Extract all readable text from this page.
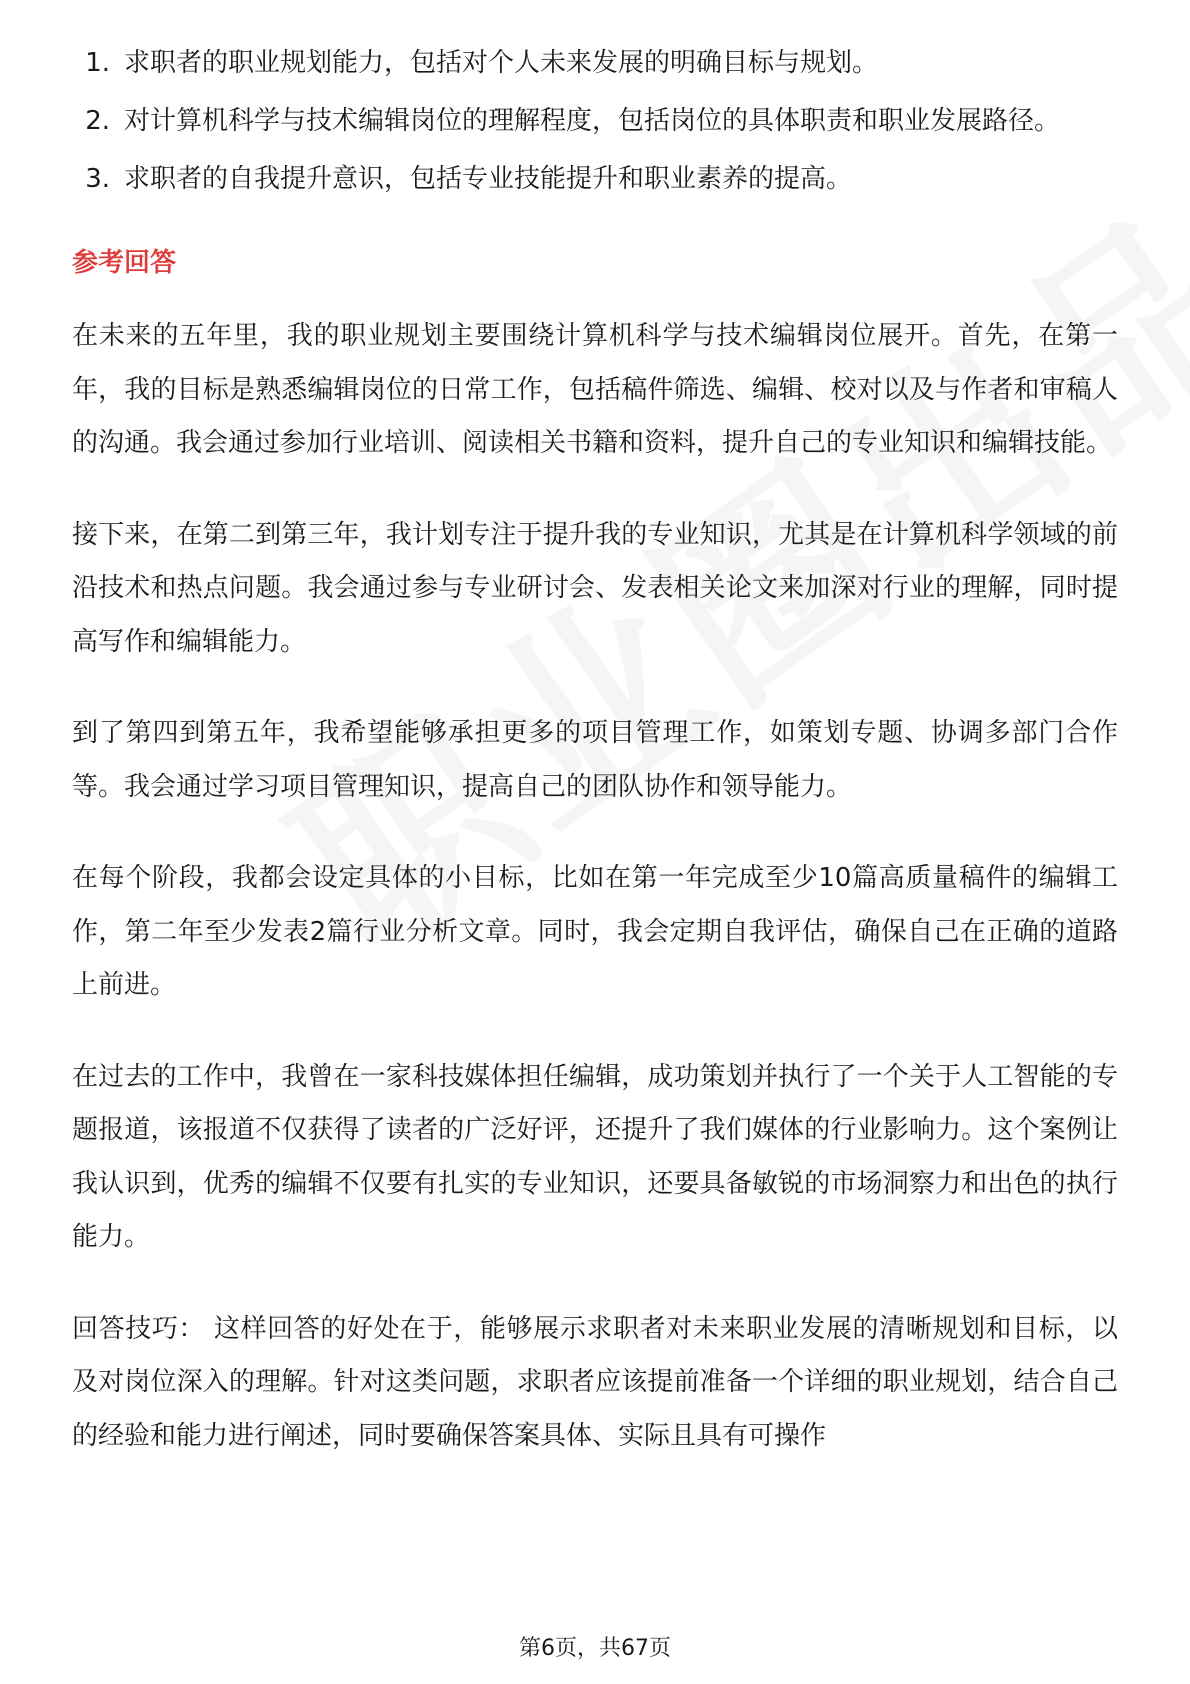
1. 求职者的职业规划能力，包括对个人未来发展的明确目标与规划。
2. 对计算机科学与技术编辑岗位的理解程度，包括岗位的具体职责和职业发展路径。
3. 求职者的自我提升意识，包括专业技能提升和职业素养的提高。
参考回答

在未来的五年里，我的职业规划主要围绕计算机科学与技术编辑岗位展开。首先，在第一年，我的目标是熟悉编辑岗位的日常工作，包括稿件筛选、编辑、校对以及与作者和审稿人的沟通。我会通过参加行业培训、阅读相关书籍和资料，提升自己的专业知识和编辑技能。

接下来，在第二到第三年，我计划专注于提升我的专业知识，尤其是在计算机科学领域的前沿技术和热点问题。我会通过参与专业研讨会、发表相关论文来加深对行业的理解，同时提高写作和编辑能力。

到了第四到第五年，我希望能够承担更多的项目管理工作，如策划专题、协调多部门合作等。我会通过学习项目管理知识，提高自己的团队协作和领导能力。

在每个阶段，我都会设定具体的小目标，比如在第一年完成至少10篇高质量稿件的编辑工作，第二年至少发表2篇行业分析文章。同时，我会定期自我评估，确保自己在正确的道路上前进。

在过去的工作中，我曾在一家科技媒体担任编辑，成功策划并执行了一个关于人工智能的专题报道，该报道不仅获得了读者的广泛好评，还提升了我们媒体的行业影响力。这个案例让我认识到，优秀的编辑不仅要有扎实的专业知识，还要具备敏锐的市场洞察力和出色的执行能力。

回答技巧： 这样回答的好处在于，能够展示求职者对未来职业发展的清晰规划和目标，以及对岗位深入的理解。针对这类问题，求职者应该提前准备一个详细的职业规划，结合自己的经验和能力进行阐述，同时要确保答案具体、实际且具有可操作

第6页，共67页
